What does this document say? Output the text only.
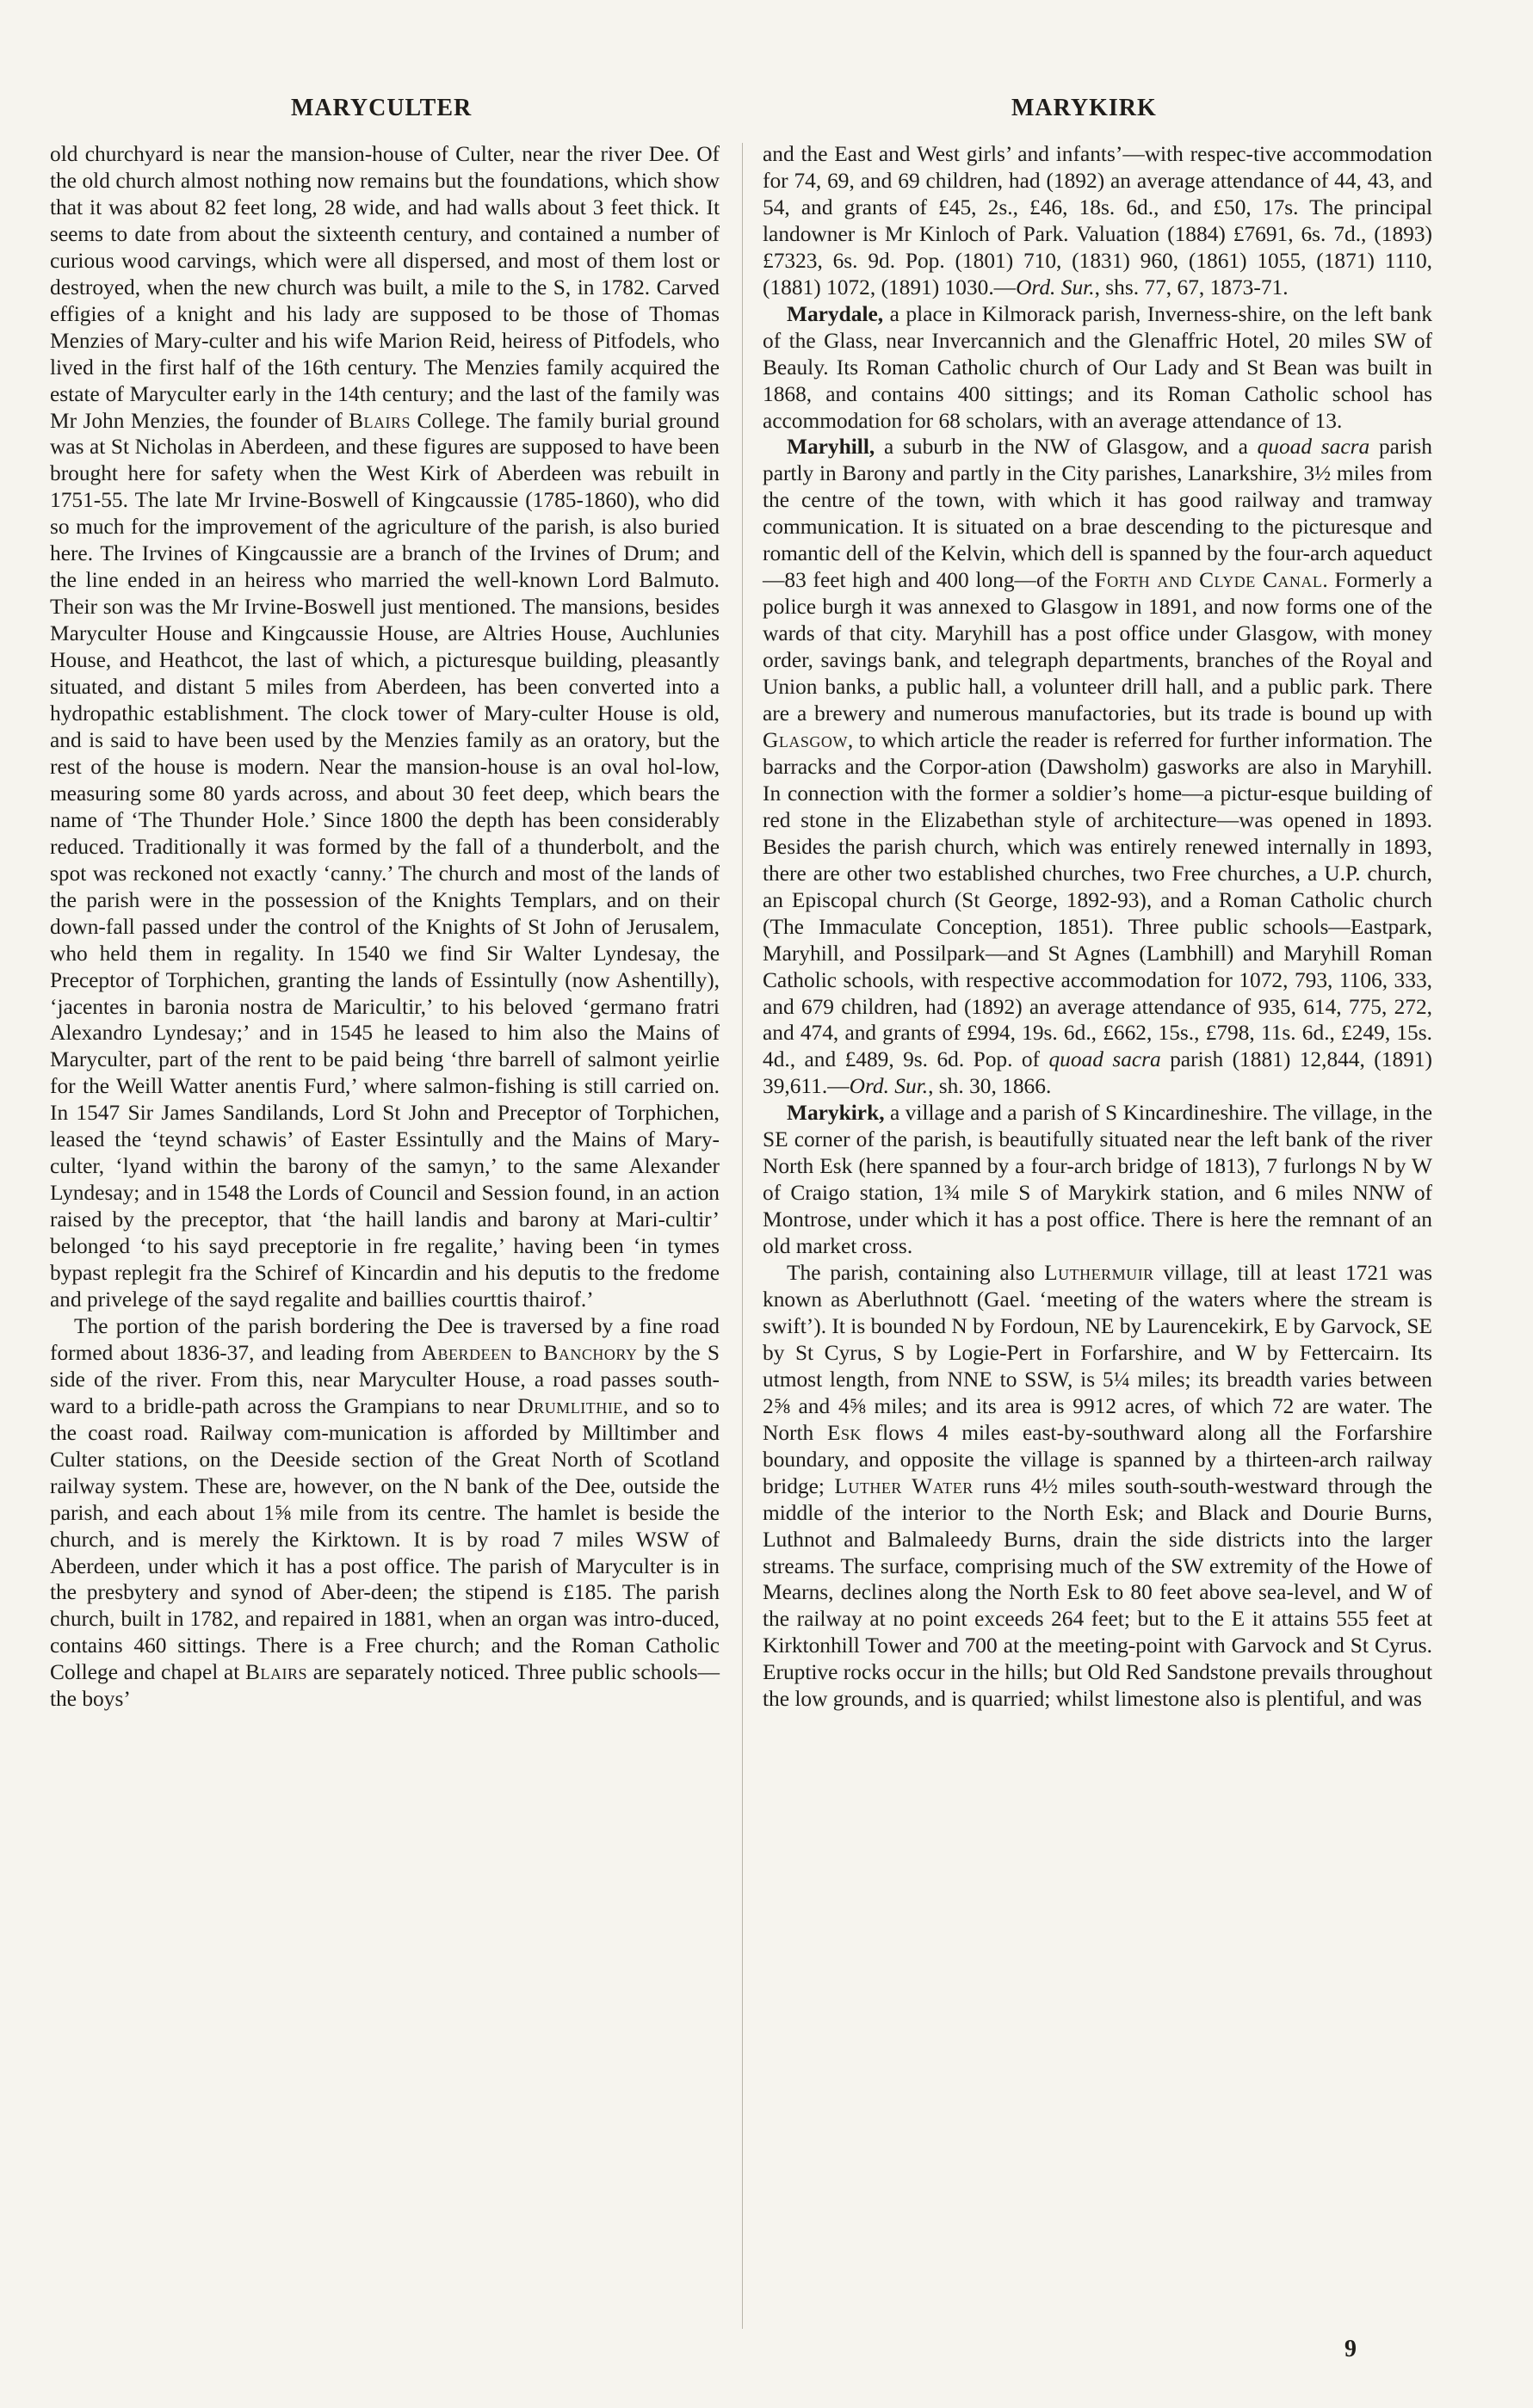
MARYCULTER	MARYKIRK

old churchyard is near the mansion-house of Culter, near the river Dee. Of the old church almost nothing now remains but the foundations, which show that it was about 82 feet long, 28 wide, and had walls about 3 feet thick. It seems to date from about the sixteenth century, and contained a number of curious wood carvings, which were all dispersed, and most of them lost or destroyed, when the new church was built, a mile to the S, in 1782. Carved effigies of a knight and his lady are supposed to be those of Thomas Menzies of Mary-culter and his wife Marion Reid, heiress of Pitfodels, who lived in the first half of the 16th century. The Menzies family acquired the estate of Maryculter early in the 14th century; and the last of the family was Mr John Menzies, the founder of Blairs College. The family burial ground was at St Nicholas in Aberdeen, and these figures are supposed to have been brought here for safety when the West Kirk of Aberdeen was rebuilt in 1751-55. The late Mr Irvine-Boswell of Kingcaussie (1785-1860), who did so much for the improvement of the agriculture of the parish, is also buried here. The Irvines of Kingcaussie are a branch of the Irvines of Drum; and the line ended in an heiress who married the well-known Lord Balmuto. Their son was the Mr Irvine-Boswell just mentioned. The mansions, besides Maryculter House and Kingcaussie House, are Altries House, Auchlunies House, and Heathcot, the last of which, a picturesque building, pleasantly situated, and distant 5 miles from Aberdeen, has been converted into a hydropathic establishment. The clock tower of Mary-culter House is old, and is said to have been used by the Menzies family as an oratory, but the rest of the house is modern. Near the mansion-house is an oval hol-low, measuring some 80 yards across, and about 30 feet deep, which bears the name of ‘The Thunder Hole.’ Since 1800 the depth has been considerably reduced. Traditionally it was formed by the fall of a thunderbolt, and the spot was reckoned not exactly ‘canny.’ The church and most of the lands of the parish were in the possession of the Knights Templars, and on their down-fall passed under the control of the Knights of St John of Jerusalem, who held them in regality. In 1540 we find Sir Walter Lyndesay, the Preceptor of Torphichen, granting the lands of Essintully (now Ashentilly), ‘jacentes in baronia nostra de Maricultir,’ to his beloved ‘germano fratri Alexandro Lyndesay;’ and in 1545 he leased to him also the Mains of Maryculter, part of the rent to be paid being ‘thre barrell of salmont yeirlie for the Weill Watter anentis Furd,’ where salmon-fishing is still carried on. In 1547 Sir James Sandilands, Lord St John and Preceptor of Torphichen, leased the ‘teynd schawis’ of Easter Essintully and the Mains of Mary-culter, ‘lyand within the barony of the samyn,’ to the same Alexander Lyndesay; and in 1548 the Lords of Council and Session found, in an action raised by the preceptor, that ‘the haill landis and barony at Mari-cultir’ belonged ‘to his sayd preceptorie in fre regalite,’ having been ‘in tymes bypast replegit fra the Schiref of Kincardin and his deputis to the fredome and privelege of the sayd regalite and baillies courttis thairof.’

The portion of the parish bordering the Dee is traversed by a fine road formed about 1836-37, and leading from Aberdeen to Banchory by the S side of the river. From this, near Maryculter House, a road passes south-ward to a bridle-path across the Grampians to near Drumlithie, and so to the coast road. Railway com-munication is afforded by Milltimber and Culter stations, on the Deeside section of the Great North of Scotland railway system. These are, however, on the N bank of the Dee, outside the parish, and each about 1⅝ mile from its centre. The hamlet is beside the church, and is merely the Kirktown. It is by road 7 miles WSW of Aberdeen, under which it has a post office. The parish of Maryculter is in the presbytery and synod of Aber-deen; the stipend is £185. The parish church, built in 1782, and repaired in 1881, when an organ was intro-duced, contains 460 sittings. There is a Free church; and the Roman Catholic College and chapel at Blairs are separately noticed. Three public schools—the boys’

and the East and West girls’ and infants’—with respec-tive accommodation for 74, 69, and 69 children, had (1892) an average attendance of 44, 43, and 54, and grants of £45, 2s., £46, 18s. 6d., and £50, 17s. The principal landowner is Mr Kinloch of Park. Valuation (1884) £7691, 6s. 7d., (1893) £7323, 6s. 9d. Pop. (1801) 710, (1831) 960, (1861) 1055, (1871) 1110, (1881) 1072, (1891) 1030.—Ord. Sur., shs. 77, 67, 1873-71.

Marydale, a place in Kilmorack parish, Inverness-shire, on the left bank of the Glass, near Invercannich and the Glenaffric Hotel, 20 miles SW of Beauly. Its Roman Catholic church of Our Lady and St Bean was built in 1868, and contains 400 sittings; and its Roman Catholic school has accommodation for 68 scholars, with an average attendance of 13.

Maryhill, a suburb in the NW of Glasgow, and a quoad sacra parish partly in Barony and partly in the City parishes, Lanarkshire, 3½ miles from the centre of the town, with which it has good railway and tramway communication. It is situated on a brae descending to the picturesque and romantic dell of the Kelvin, which dell is spanned by the four-arch aqueduct—83 feet high and 400 long—of the Forth and Clyde Canal. Formerly a police burgh it was annexed to Glasgow in 1891, and now forms one of the wards of that city. Maryhill has a post office under Glasgow, with money order, savings bank, and telegraph departments, branches of the Royal and Union banks, a public hall, a volunteer drill hall, and a public park. There are a brewery and numerous manufactories, but its trade is bound up with Glasgow, to which article the reader is referred for further information. The barracks and the Corpor-ation (Dawsholm) gasworks are also in Maryhill. In connection with the former a soldier’s home—a pictur-esque building of red stone in the Elizabethan style of architecture—was opened in 1893. Besides the parish church, which was entirely renewed internally in 1893, there are other two established churches, two Free churches, a U.P. church, an Episcopal church (St George, 1892-93), and a Roman Catholic church (The Immaculate Conception, 1851). Three public schools—Eastpark, Maryhill, and Possilpark—and St Agnes (Lambhill) and Maryhill Roman Catholic schools, with respective accommodation for 1072, 793, 1106, 333, and 679 children, had (1892) an average attendance of 935, 614, 775, 272, and 474, and grants of £994, 19s. 6d., £662, 15s., £798, 11s. 6d., £249, 15s. 4d., and £489, 9s. 6d. Pop. of quoad sacra parish (1881) 12,844, (1891) 39,611.—Ord. Sur., sh. 30, 1866.

Marykirk, a village and a parish of S Kincardineshire. The village, in the SE corner of the parish, is beautifully situated near the left bank of the river North Esk (here spanned by a four-arch bridge of 1813), 7 furlongs N by W of Craigo station, 1¾ mile S of Marykirk station, and 6 miles NNW of Montrose, under which it has a post office. There is here the remnant of an old market cross.

The parish, containing also Luthermuir village, till at least 1721 was known as Aberluthnott (Gael. ‘meeting of the waters where the stream is swift’). It is bounded N by Fordoun, NE by Laurencekirk, E by Garvock, SE by St Cyrus, S by Logie-Pert in Forfarshire, and W by Fettercairn. Its utmost length, from NNE to SSW, is 5¼ miles; its breadth varies between 2⅝ and 4⅝ miles; and its area is 9912 acres, of which 72 are water. The North Esk flows 4 miles east-by-southward along all the Forfarshire boundary, and opposite the village is spanned by a thirteen-arch railway bridge; Luther Water runs 4½ miles south-south-westward through the middle of the interior to the North Esk; and Black and Dourie Burns, Luthnot and Balmaleedy Burns, drain the side districts into the larger streams. The surface, comprising much of the SW extremity of the Howe of Mearns, declines along the North Esk to 80 feet above sea-level, and W of the railway at no point exceeds 264 feet; but to the E it attains 555 feet at Kirktonhill Tower and 700 at the meeting-point with Garvock and St Cyrus. Eruptive rocks occur in the hills; but Old Red Sandstone prevails throughout the low grounds, and is quarried; whilst limestone also is plentiful, and was

9
